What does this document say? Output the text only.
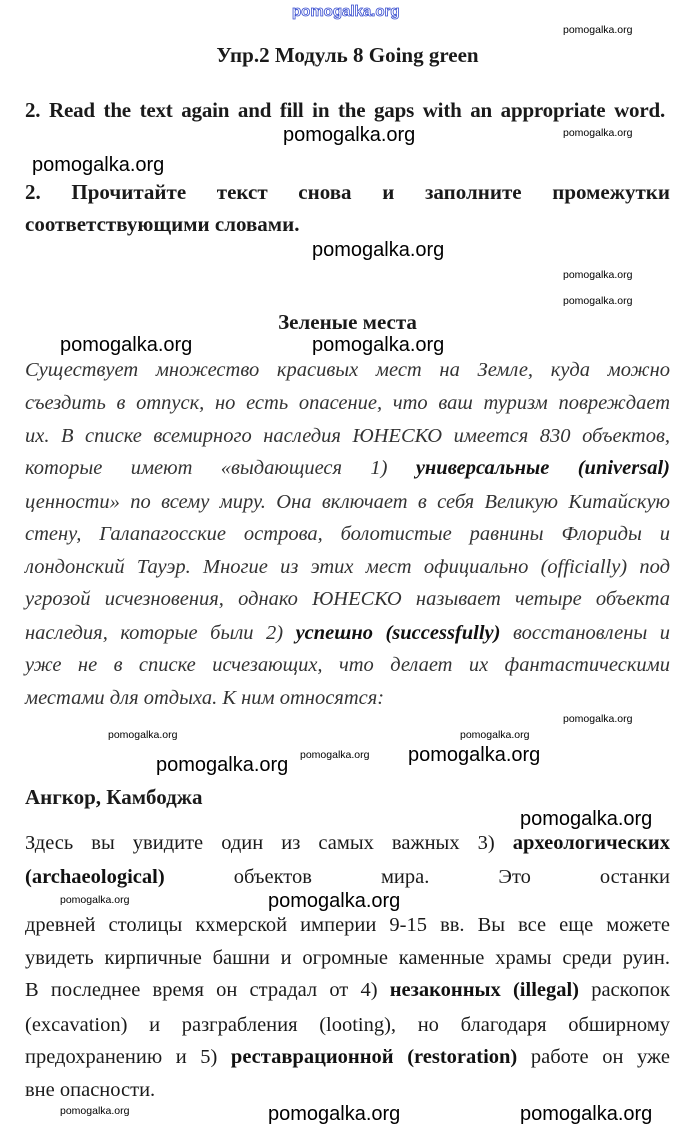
pomogalka.org
Упр.2 Модуль 8 Going green
2. Read the text again and fill in the gaps with an appropriate word.
2. Прочитайте текст снова и заполните промежутки
соответствующими словами.
Зеленые места
Существует множество красивых мест на Земле, куда можно
съездить в отпуск, но есть опасение, что ваш туризм повреждает
их. В списке всемирного наследия ЮНЕСКО имеется 830 объектов,
которые имеют «выдающиеся 1) универсальные (universal)
ценности» по всему миру. Она включает в себя Великую Китайскую
стену, Галапагосские острова, болотистые равнины Флориды и
лондонский Тауэр. Многие из этих мест официально (officially) под
угрозой исчезновения, однако ЮНЕСКО называет четыре объекта
наследия, которые были 2) успешно (successfully) восстановлены и
уже не в списке исчезающих, что делает их фантастическими
местами для отдыха. К ним относятся:
Ангкор, Камбоджа
Здесь вы увидите один из самых важных 3) археологических
(archaeological) объектов мира. Это останки
древней столицы кхмерской империи 9-15 вв. Вы все еще можете
увидеть кирпичные башни и огромные каменные храмы среди руин.
В последнее время он страдал от 4) незаконных (illegal) раскопок
(excavation) и разграбления (looting), но благодаря обширному
предохранению и 5) реставрационной (restoration) работе он уже
вне опасности.
pomogalka.org	pomogalka.org
pomogalka.org
pomogalka.org
pomogalka.org
pomogalka.org
pomogalka.org	pomogalka.org
pomogalka.org
pomogalka.org
pomogalka.org
pomogalka.org pomogalka.org
pomogalka.org
pomogalka.org
pomogalka.org	pomogalka.org
pomogalka.org
pomogalka.org	pomogalka.org	pomogalka.org
